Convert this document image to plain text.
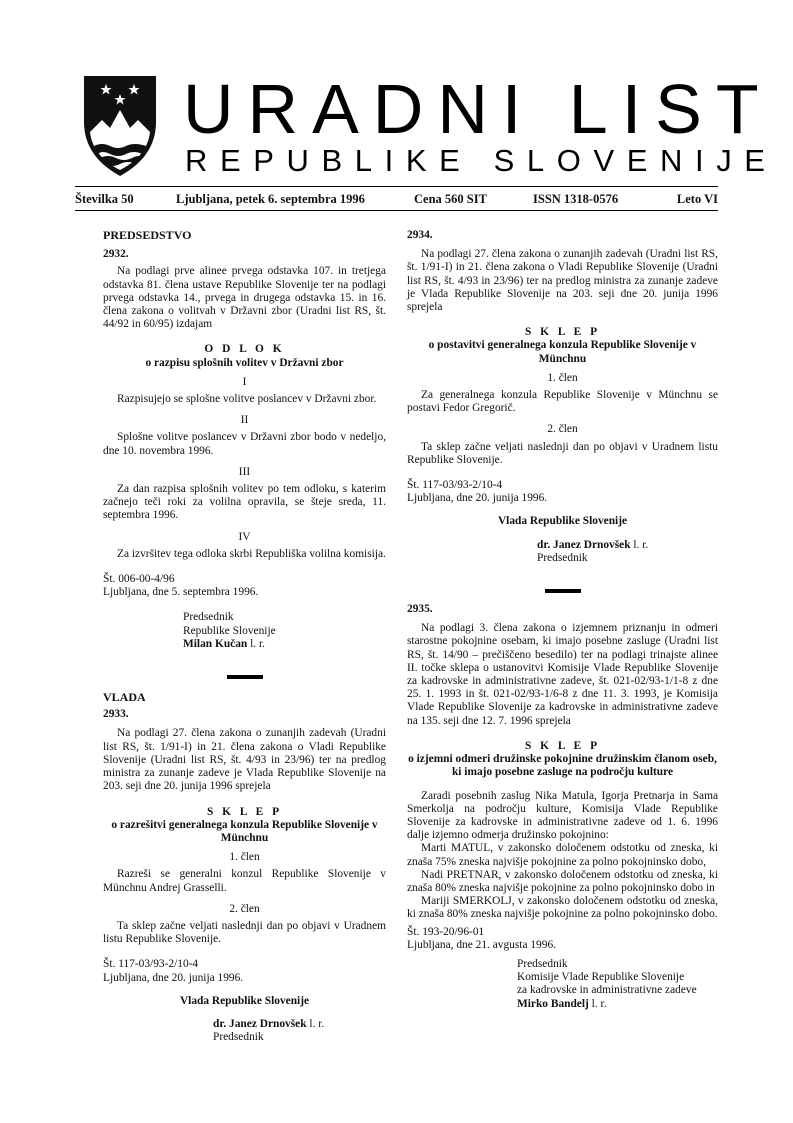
URADNI LIST
REPUBLIKE SLOVENIJE
Številka 50	Ljubljana, petek 6. septembra 1996	Cena 560 SIT	ISSN 1318-0576	Leto VI

PREDSEDSTVO

2932.

Na podlagi prve alinee prvega odstavka 107. in tretjega odstavka 81. člena ustave Republike Slovenije ter na podlagi prvega odstavka 14., prvega in drugega odstavka 15. in 16. člena zakona o volitvah v Državni zbor (Uradni list RS, št. 44/92 in 60/95) izdajam

O D L O K

o razpisu splošnih volitev v Državni zbor

I

Razpisujejo se splošne volitve poslancev v Državni zbor.

II

Splošne volitve poslancev v Državni zbor bodo v nedeljo, dne 10. novembra 1996.

III

Za dan razpisa splošnih volitev po tem odloku, s katerim začnejo teči roki za volilna opravila, se šteje sreda, 11. septembra 1996.

IV

Za izvršitev tega odloka skrbi Republiška volilna komisija.

Št. 006-00-4/96

Ljubljana, dne 5. septembra 1996.

Predsednik

Republike Slovenije

Milan Kučan l. r.

VLADA

2933.

Na podlagi 27. člena zakona o zunanjih zadevah (Uradni list RS, št. 1/91-I) in 21. člena zakona o Vladi Republike Slovenije (Uradni list RS, št. 4/93 in 23/96) ter na predlog ministra za zunanje zadeve je Vlada Republike Slovenije na 203. seji dne 20. junija 1996 sprejela

S K L E P

o razrešitvi generalnega konzula Republike Slovenije v Münchnu

1. člen

Razreši se generalni konzul Republike Slovenije v Münchnu Andrej Grasselli.

2. člen

Ta sklep začne veljati naslednji dan po objavi v Uradnem listu Republike Slovenije.

Št. 117-03/93-2/10-4

Ljubljana, dne 20. junija 1996.

Vlada Republike Slovenije

dr. Janez Drnovšek l. r.

Predsednik

2934.

Na podlagi 27. člena zakona o zunanjih zadevah (Uradni list RS, št. 1/91-I) in 21. člena zakona o Vladi Republike Slovenije (Uradni list RS, št. 4/93 in 23/96) ter na predlog ministra za zunanje zadeve je Vlada Republike Slovenije na 203. seji dne 20. junija 1996 sprejela

S K L E P

o postavitvi generalnega konzula Republike Slovenije v Münchnu

1. člen

Za generalnega konzula Republike Slovenije v Münchnu se postavi Fedor Gregorič.

2. člen

Ta sklep začne veljati naslednji dan po objavi v Uradnem listu Republike Slovenije.

Št. 117-03/93-2/10-4

Ljubljana, dne 20. junija 1996.

Vlada Republike Slovenije

dr. Janez Drnovšek l. r.

Predsednik

2935.

Na podlagi 3. člena zakona o izjemnem priznanju in odmeri starostne pokojnine osebam, ki imajo posebne zasluge (Uradni list RS, št. 14/90 – prečiščeno besedilo) ter na podlagi trinajste alinee II. točke sklepa o ustanovitvi Komisije Vlade Republike Slovenije za kadrovske in administrativne zadeve, št. 021-02/93-1/1-8 z dne 25. 1. 1993 in št. 021-02/93-1/6-8 z dne 11. 3. 1993, je Komisija Vlade Republike Slovenije za kadrovske in administrativne zadeve na 135. seji dne 12. 7. 1996 sprejela

S K L E P

o izjemni odmeri družinske pokojnine družinskim članom oseb, ki imajo posebne zasluge na področju kulture

Zaradi posebnih zaslug Nika Matula, Igorja Pretnarja in Sama Smerkolja na področju kulture, Komisija Vlade Republike Slovenije za kadrovske in administrativne zadeve od 1. 6. 1996 dalje izjemno odmerja družinsko pokojnino:

Marti MATUL, v zakonsko določenem odstotku od zneska, ki znaša 75% zneska najvišje pokojnine za polno pokojninsko dobo,

Nadi PRETNAR, v zakonsko določenem odstotku od zneska, ki znaša 80% zneska najvišje pokojnine za polno pokojninsko dobo in

Mariji SMERKOLJ, v zakonsko določenem odstotku od zneska, ki znaša 80% zneska najvišje pokojnine za polno pokojninsko dobo.

Št. 193-20/96-01

Ljubljana, dne 21. avgusta 1996.

Predsednik

Komisije Vlade Republike Slovenije

za kadrovske in administrativne zadeve

Mirko Bandelj l. r.
